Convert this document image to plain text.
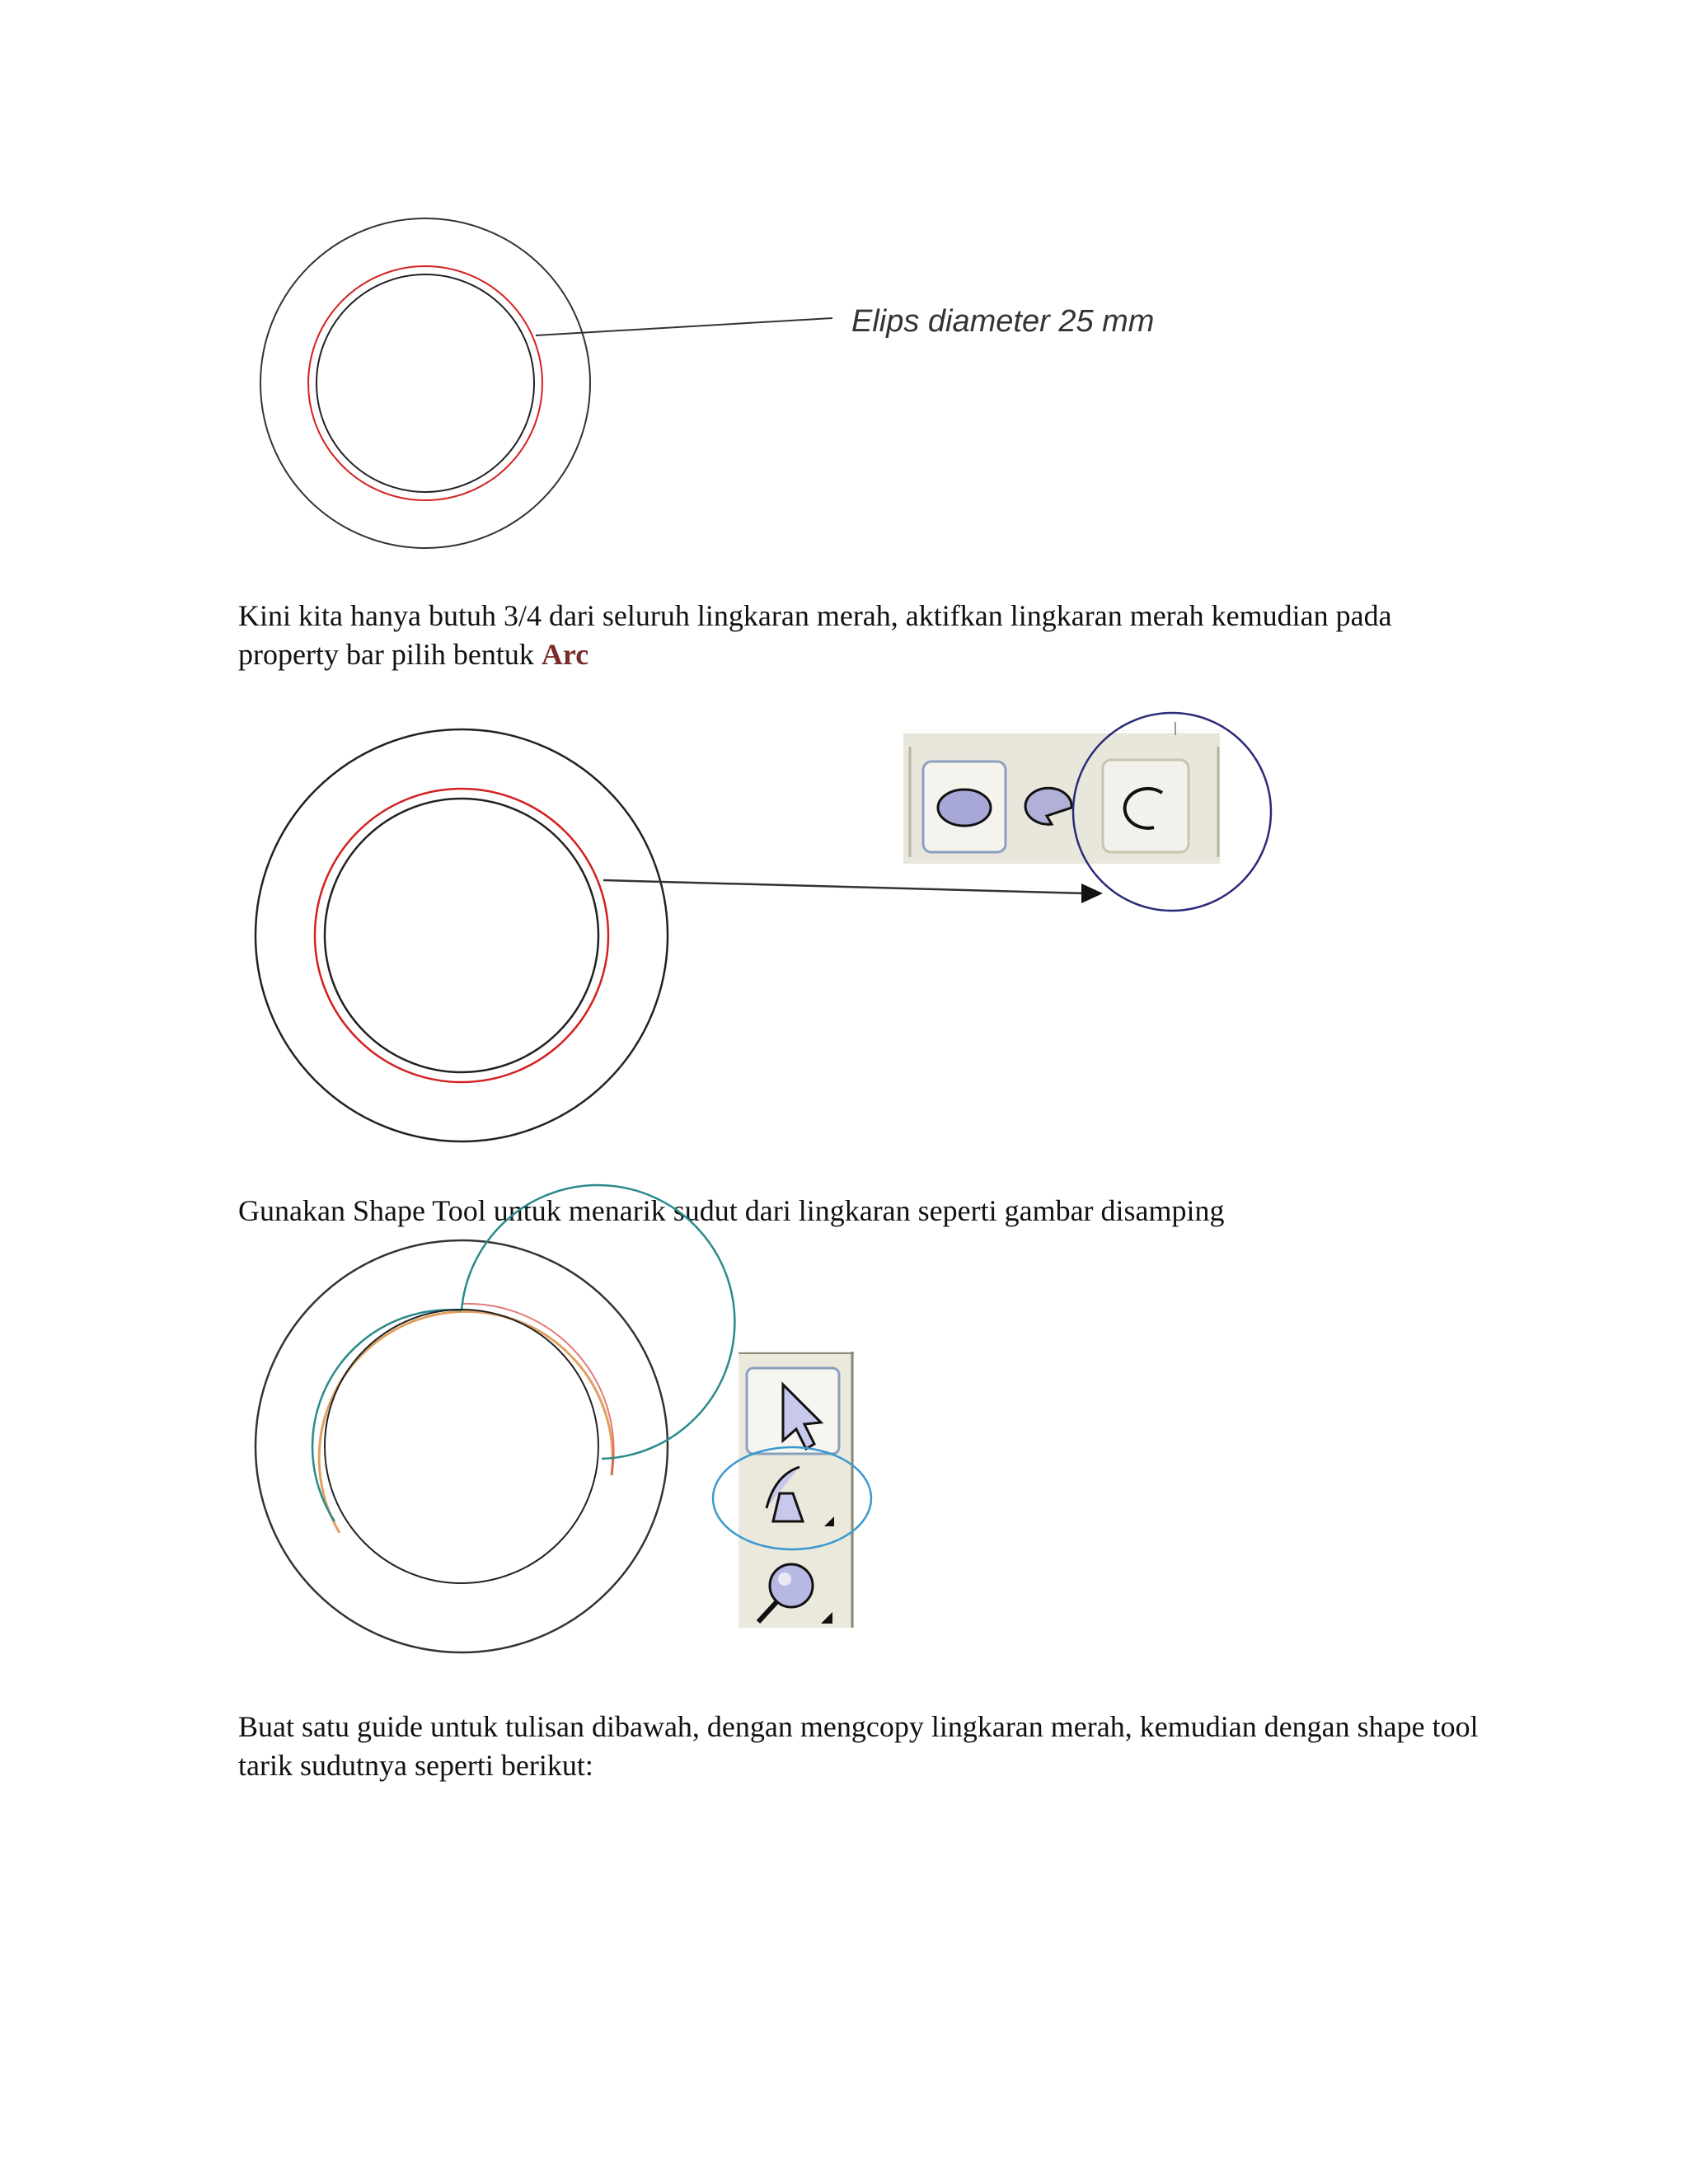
Elips diameter 25 mm

Kini kita hanya butuh 3/4 dari seluruh lingkaran merah, aktifkan lingkaran merah kemudian pada property bar pilih bentuk Arc

Gunakan Shape Tool untuk menarik sudut dari lingkaran seperti gambar disamping

Buat satu guide untuk tulisan dibawah, dengan mengcopy lingkaran merah, kemudian dengan shape tool tarik sudutnya seperti berikut:
